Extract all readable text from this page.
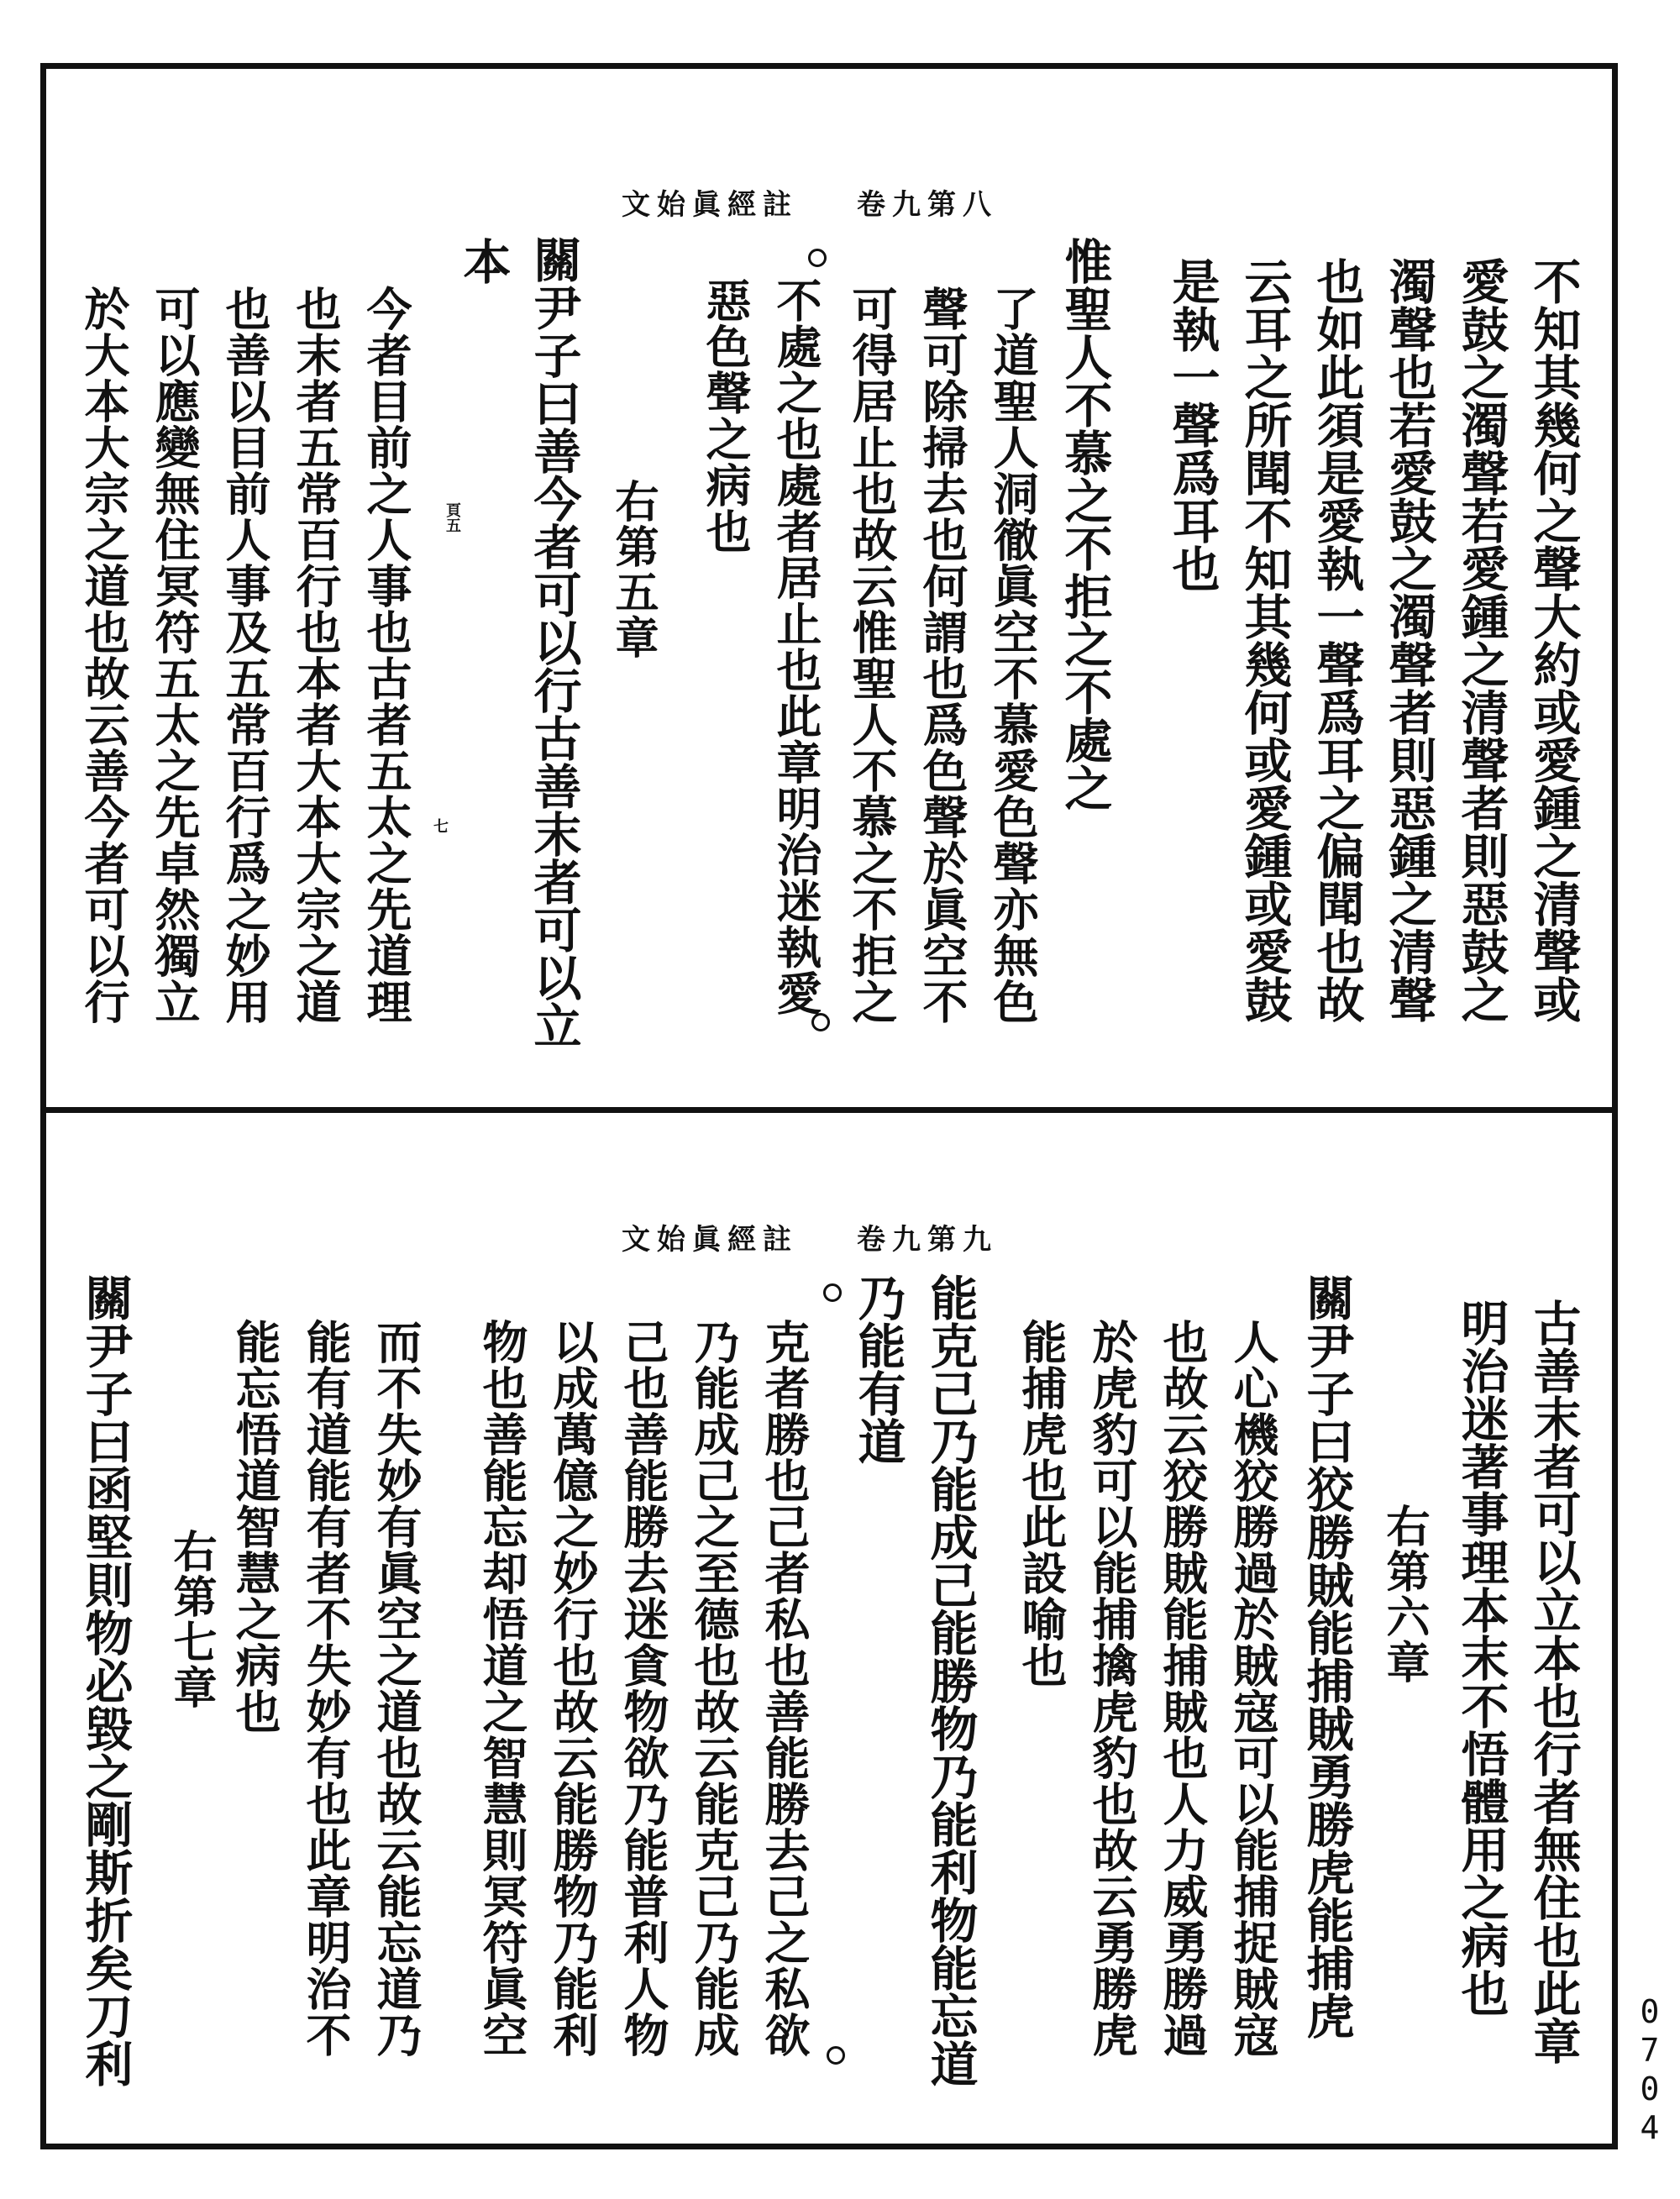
文始眞經註 卷九第八
不知其幾何之聲大約或愛鍾之清聲或
愛鼓之濁聲若愛鍾之清聲者則惡鼓之
濁聲也若愛鼓之濁聲者則惡鍾之清聲
也如此須是愛執一聲爲耳之偏聞也故
云耳之所聞不知其幾何或愛鍾或愛鼓
是執一聲爲耳也
惟聖人不慕之不拒之不處之
了道聖人洞徹眞空不慕愛色聲亦無色
聲可除掃去也何謂也爲色聲於眞空不
可得居止也故云惟聖人不慕之不拒之
不處之也處者居止也此章明治迷執愛
惡色聲之病也
右第五章
關尹子曰善今者可以行古善末者可以立
本
今者目前之人事也古者五太之先道理
也末者五常百行也本者大本大宗之道
也善以目前人事及五常百行爲之妙用
可以應變無住冥符五太之先卓然獨立
於大本大宗之道也故云善今者可以行	頁五
七
文始眞經註 卷九第九
古善末者可以立本也行者無住也此章
明治迷著事理本末不悟體用之病也
右第六章
關尹子曰狡勝賊能捕賊勇勝虎能捕虎
人心機狡勝過於賊寇可以能捕捉賊寇
也故云狡勝賊能捕賊也人力威勇勝過
於虎豹可以能捕擒虎豹也故云勇勝虎
能捕虎也此設喻也
能克己乃能成己能勝物乃能利物能忘道
乃能有道
克者勝也己者私也善能勝去己之私欲
乃能成己之至德也故云能克己乃能成
己也善能勝去迷貪物欲乃能普利人物
以成萬億之妙行也故云能勝物乃能利
物也善能忘却悟道之智慧則冥符眞空
而不失妙有眞空之道也故云能忘道乃
能有道能有者不失妙有也此章明治不
能忘悟道智慧之病也
右第七章
關尹子曰函堅則物必毀之剛斯折矣刀利	0
7
0
4
